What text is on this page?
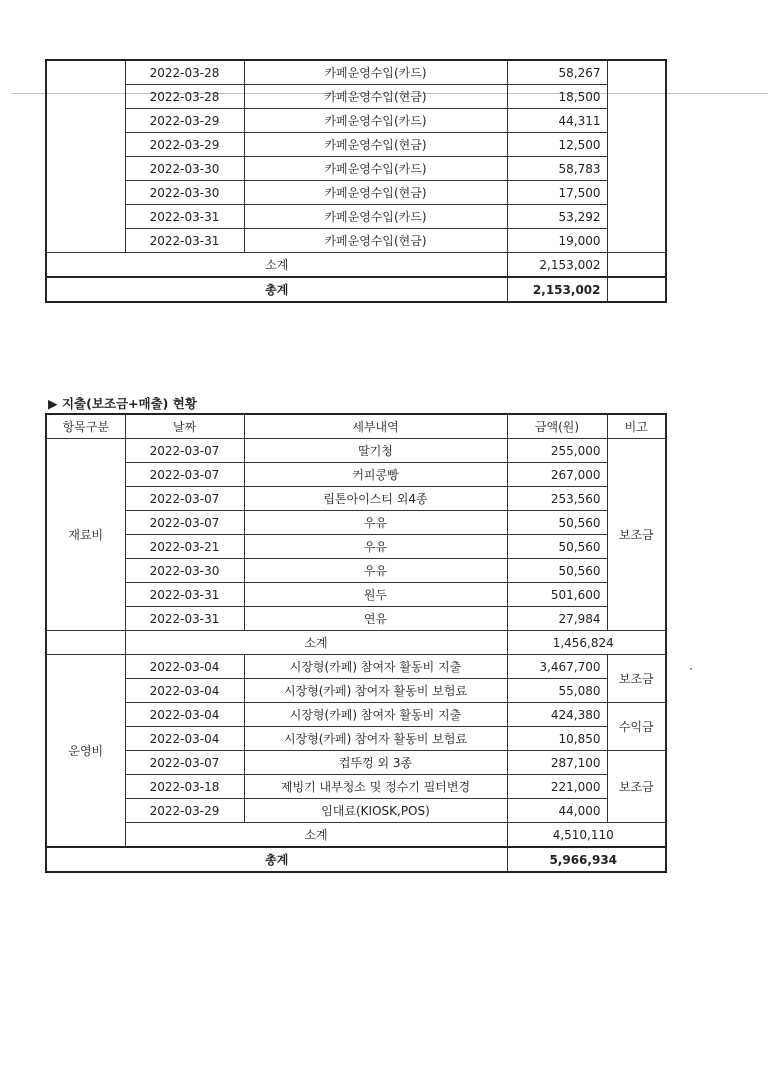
	2022-03-28	카페운영수입(카드)	58,267	
	2022-03-28	카페운영수입(현금)	18,500	
	2022-03-29	카페운영수입(카드)	44,311	
	2022-03-29	카페운영수입(현금)	12,500	
	2022-03-30	카페운영수입(카드)	58,783	
	2022-03-30	카페운영수입(현금)	17,500	
	2022-03-31	카페운영수입(카드)	53,292	
	2022-03-31	카페운영수입(현금)	19,000	
소계			2,153,002	
총계			2,153,002	
▶ 지출(보조금+매출) 현황
항목구분	날짜	세부내역	금액(원)	비고
재료비	2022-03-07	딸기청	255,000	보조금
	2022-03-07	커피콩빵	267,000	
	2022-03-07	립톤아이스티 외4종	253,560	
	2022-03-07	우유	50,560	
	2022-03-21	우유	50,560	
	2022-03-30	우유	50,560	
	2022-03-31	원두	501,600	
	2022-03-31	연유	27,984	
	소계		1,456,824	
운영비	2022-03-04	시장형(카페) 참여자 활동비 지출	3,467,700	보조금
	2022-03-04	시장형(카페) 참여자 활동비 보험료	55,080	
	2022-03-04	시장형(카페) 참여자 활동비 지출	424,380	수익금
	2022-03-04	시장형(카페) 참여자 활동비 보험료	10,850	
	2022-03-07	컵뚜껑 외 3종	287,100	보조금
	2022-03-18	제빙기 내부청소 및 정수기 필터변경	221,000	
	2022-03-29	임대료(KIOSK,POS)	44,000	
	소계		4,510,110	
총계			5,966,934	
